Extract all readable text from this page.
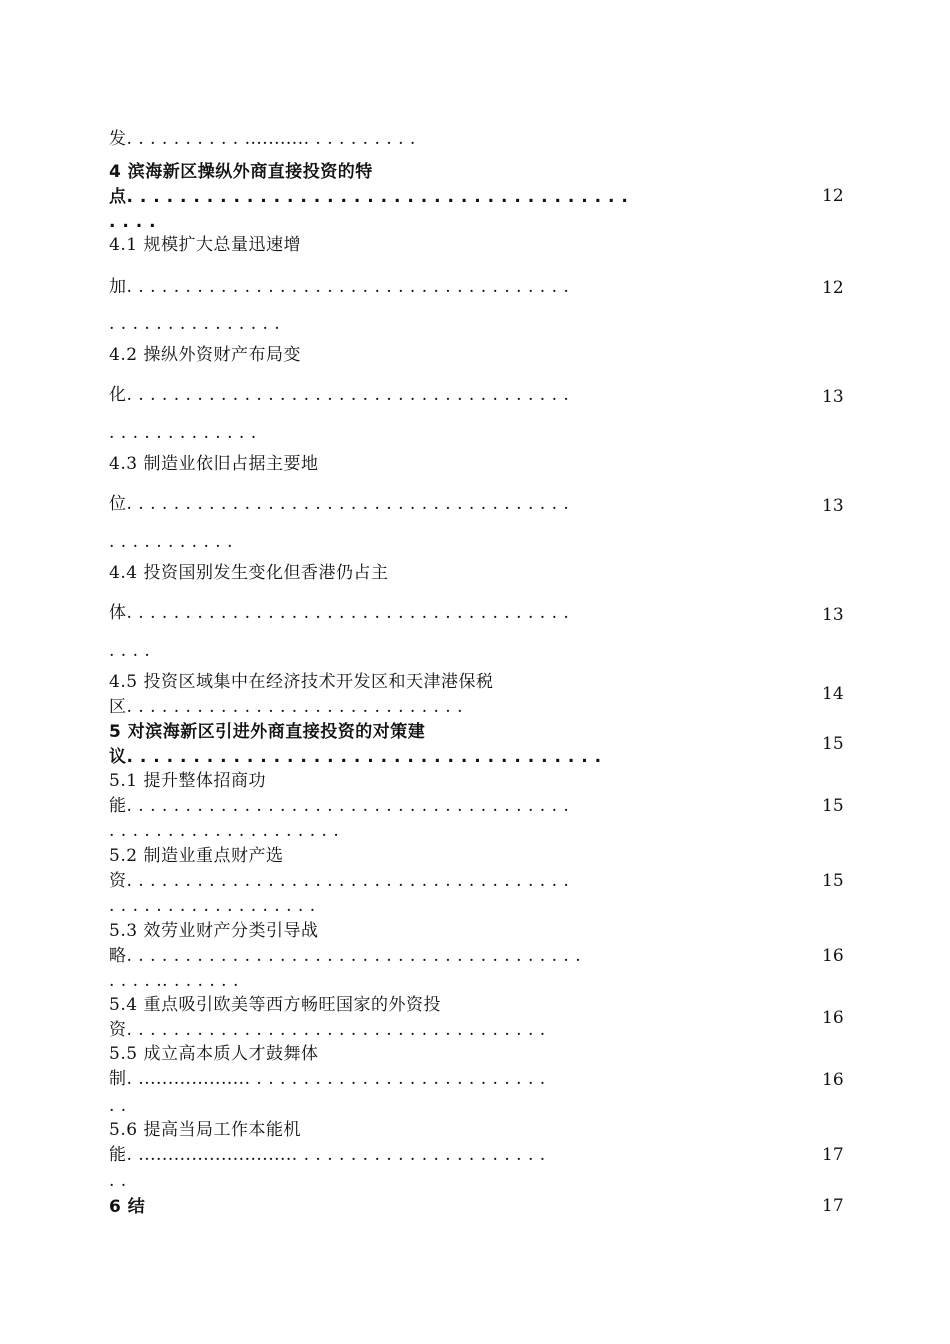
发. . . . . . . . . . ........... . . . . . . . . .
4 滨海新区操纵外商直接投资的特
点. . . . . . . . . . . . . . . . . . . . . . . . . . . . . . . . . . . . . .
. . . .
12
4.1 规模扩大总量迅速增
加. . . . . . . . . . . . . . . . . . . . . . . . . . . . . . . . . . . . . .
. . . . . . . . . . . . . . .
12
4.2 操纵外资财产布局变
化. . . . . . . . . . . . . . . . . . . . . . . . . . . . . . . . . . . . . .
. . . . . . . . . . . . .
13
4.3 制造业依旧占据主要地
位. . . . . . . . . . . . . . . . . . . . . . . . . . . . . . . . . . . . . .
. . . . . . . . . . .
13
4.4 投资国别发生变化但香港仍占主
体. . . . . . . . . . . . . . . . . . . . . . . . . . . . . . . . . . . . . .
. . . .
13
4.5 投资区域集中在经济技术开发区和天津港保税
区. . . . . . . . . . . . . . . . . . . . . . . . . . . . .
14
5 对滨海新区引进外商直接投资的对策建
议. . . . . . . . . . . . . . . . . . . . . . . . . . . . . . . . . . . .
15
5.1 提升整体招商功
能. . . . . . . . . . . . . . . . . . . . . . . . . . . . . . . . . . . . . .
. . . . . . . . . . . . . . . . . . . .
15
5.2 制造业重点财产选
资. . . . . . . . . . . . . . . . . . . . . . . . . . . . . . . . . . . . . .
. . . . . . . . . . . . . . . . . .
15
5.3 效劳业财产分类引导战
略. . . . . . . . . . . . . . . . . . . . . . . . . . . . . . . . . . . . . . .
. . . . .. . . . . . .
16
5.4 重点吸引欧美等西方畅旺国家的外资投
资. . . . . . . . . . . . . . . . . . . . . . . . . . . . . . . . . . . .
16
5.5 成立高本质人才鼓舞体
制. ................... . . . . . . . . . . . . . . . . . . . . . . . . .
. .
16
5.6 提高当局工作本能机
能. ........................... . . . . . . . . . . . . . . . . . . . . .
. .
17
6 结	17
